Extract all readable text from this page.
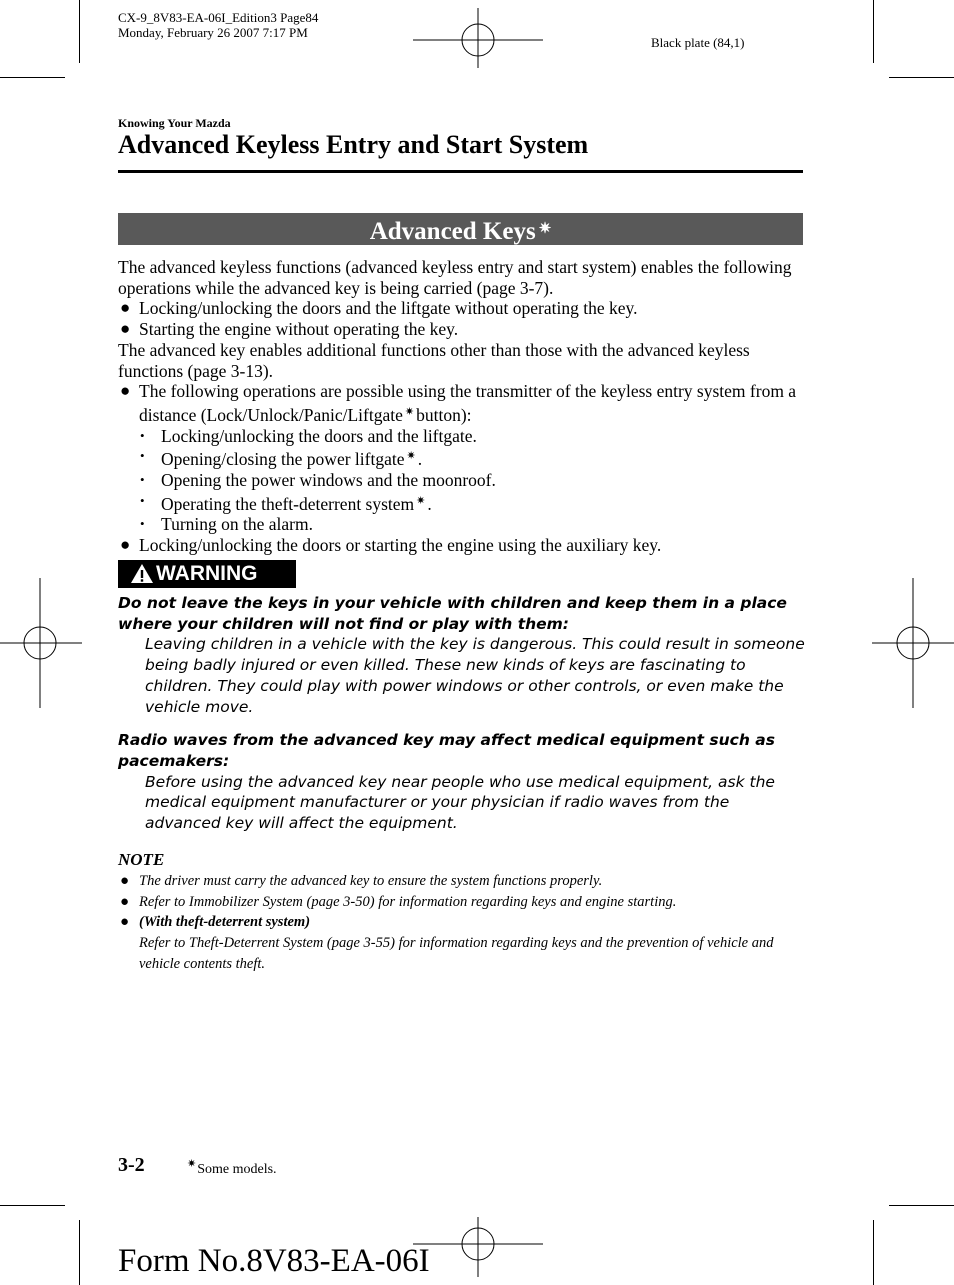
CX-9_8V83-EA-06I_Edition3 Page84
Monday, February 26 2007 7:17 PM
Black plate (84,1)
Knowing Your Mazda
Advanced Keyless Entry and Start System
Advanced Keys ✷

The advanced keyless functions (advanced keyless entry and start system) enables the following operations while the advanced key is being carried (page 3-7).

● Locking/unlocking the doors and the liftgate without operating the key.
● Starting the engine without operating the key.

The advanced key enables additional functions other than those with the advanced keyless functions (page 3-13).

● The following operations are possible using the transmitter of the keyless entry system from a distance (Lock/Unlock/Panic/Liftgate ✷ button):
• Locking/unlocking the doors and the liftgate.
• Opening/closing the power liftgate ✷ .
• Opening the power windows and the moonroof.
• Operating the theft-deterrent system ✷ .
• Turning on the alarm.
● Locking/unlocking the doors or starting the engine using the auxiliary key.
WARNING

Do not leave the keys in your vehicle with children and keep them in a place where your children will not find or play with them:

Leaving children in a vehicle with the key is dangerous. This could result in someone being badly injured or even killed. These new kinds of keys are fascinating to children. They could play with power windows or other controls, or even make the vehicle move.

Radio waves from the advanced key may affect medical equipment such as pacemakers:

Before using the advanced key near people who use medical equipment, ask the medical equipment manufacturer or your physician if radio waves from the advanced key will affect the equipment.

NOTE
● The driver must carry the advanced key to ensure the system functions properly.
● Refer to Immobilizer System (page 3-50) for information regarding keys and engine starting.
● (With theft-deterrent system)
Refer to Theft-Deterrent System (page 3-55) for information regarding keys and the prevention of vehicle and vehicle contents theft.
3-2	✷Some models.
Form No.8V83-EA-06I
